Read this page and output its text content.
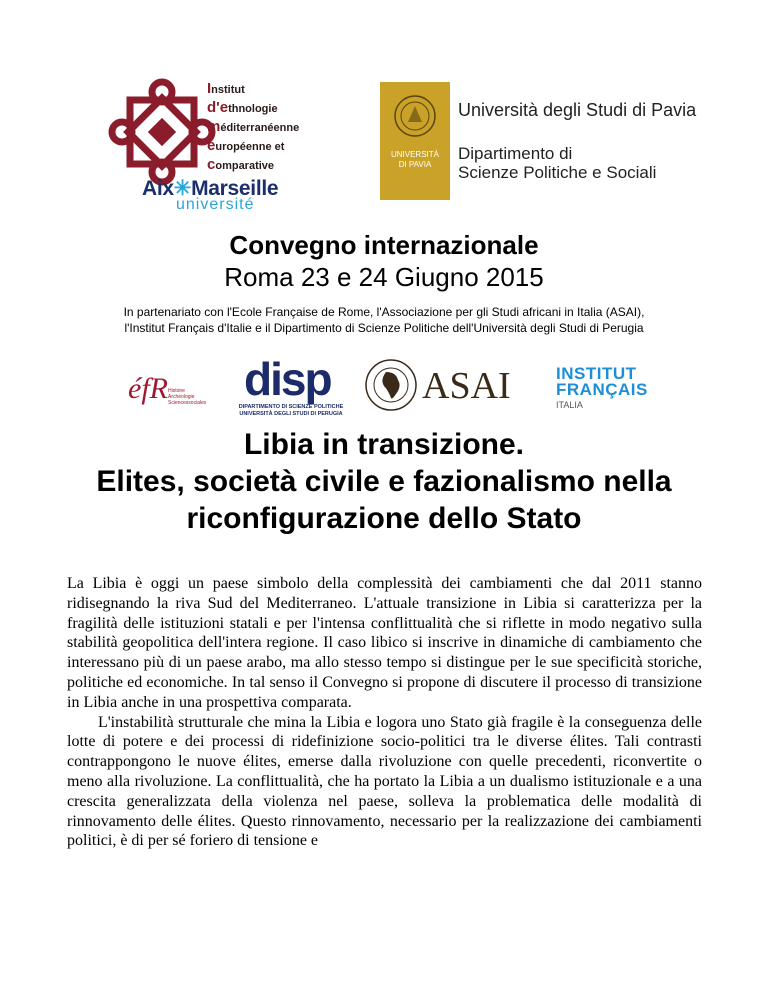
Institut
d'ethnologie
méditerranéenne
européenne et
comparative
Aix✳Marseille
université
UNIVERSITÀ
DI PAVIA
Università degli Studi di Pavia
Dipartimento di
Scienze Politiche e Sociali
Convegno internazionale
Roma 23 e 24 Giugno 2015
In partenariato con l'Ecole Française de Rome, l'Associazione per gli Studi africani in Italia (ASAI),
l'Institut Français d'Italie e il Dipartimento di Scienze Politiche dell'Università degli Studi di Perugia
éfR Histoire
Archéologie
Sciencessociales disp
DIPARTIMENTO DI SCIENZE POLITICHE
UNIVERSITÀ DEGLI STUDI DI PERUGIA
ASAI	INSTITUT
FRANÇAIS
ITALIA
Libia in transizione.
Elites, società civile e fazionalismo nella
riconfigurazione dello Stato

La Libia è oggi un paese simbolo della complessità dei cambiamenti che dal 2011 stanno ridisegnando la riva Sud del Mediterraneo. L'attuale transizione in Libia si caratterizza per la fragilità delle istituzioni statali e per l'intensa conflittualità che si riflette in modo negativo sulla stabilità geopolitica dell'intera regione. Il caso libico si inscrive in dinamiche di cambiamento che interessano più di un paese arabo, ma allo stesso tempo si distingue per le sue specificità storiche, politiche ed economiche. In tal senso il Convegno si propone di discutere il processo di transizione in Libia anche in una prospettiva comparata.

L'instabilità strutturale che mina la Libia e logora uno Stato già fragile è la conseguenza delle lotte di potere e dei processi di ridefinizione socio-politici tra le diverse élites. Tali contrasti contrappongono le nuove élites, emerse dalla rivoluzione con quelle precedenti, riconvertite o meno alla rivoluzione. La conflittualità, che ha portato la Libia a un dualismo istituzionale e a una crescita generalizzata della violenza nel paese, solleva la problematica delle modalità di rinnovamento delle élites. Questo rinnovamento, necessario per la realizzazione dei cambiamenti politici, è di per sé foriero di tensione e
